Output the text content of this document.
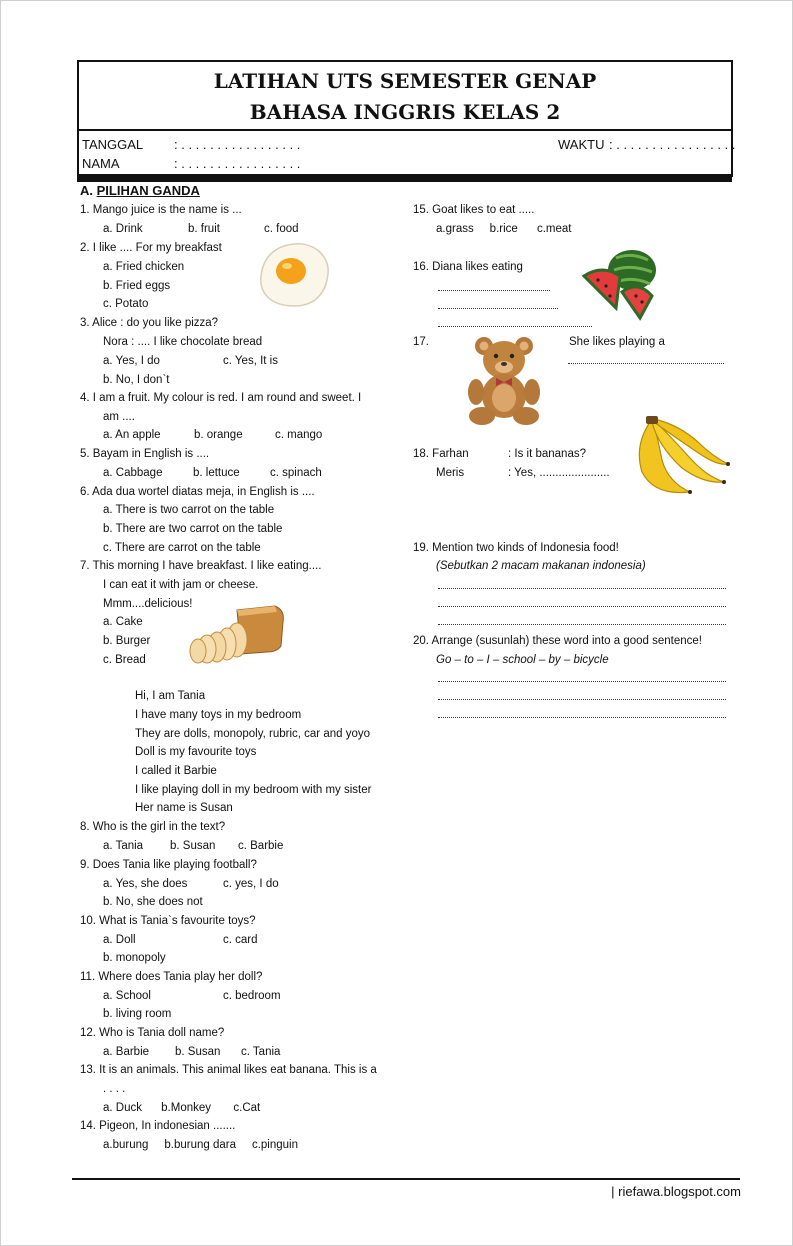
LATIHAN UTS SEMESTER GENAP
BAHASA INGGRIS KELAS 2
TANGGAL : . . . . . . . . . . . . . . . . .
NAMA	: . . . . . . . . . . . . . . . . .
WAKTU : . . . . . . . . . . . . . . . . .
A. PILIHAN GANDA
1. Mango juice is the name is ...
a. Drink	b. fruit	c. food
2. I like .... For my breakfast
a. Fried chicken
b. Fried eggs
c. Potato
3. Alice : do you like pizza?
Nora : .... I like chocolate bread
a. Yes, I do	c. Yes, It is
b. No, I don`t
4. I am a fruit. My colour is red. I am round and sweet. I
am ....
a. An apple	b. orange	c. mango
5. Bayam in English is ....
a. Cabbage	b. lettuce	c. spinach
6. Ada dua wortel diatas meja, in English is ....
a. There is two carrot on the table
b. There are two carrot on the table
c. There are carrot on the table
7. This morning I have breakfast. I like eating....
I can eat it with jam or cheese.
Mmm....delicious!
a. Cake
b. Burger
c. Bread
Hi, I am Tania
I have many toys in my bedroom
They are dolls, monopoly, rubric, car and yoyo
Doll is my favourite toys
I called it Barbie
I like playing doll in my bedroom with my sister
Her name is Susan
8. Who is the girl in the text?
a. Tania b. Susan c. Barbie
9. Does Tania like playing football?
a. Yes, she does	c. yes, I do
b. No, she does not
10. What is Tania`s favourite toys?
a. Doll	c. card
b. monopoly
11. Where does Tania play her doll?
a. School	c. bedroom
b. living room
12. Who is Tania doll name?
a. Barbie b. Susan c. Tania
13. It is an animals. This animal likes eat banana. This is a
. . . .
a. Duck      b.Monkey       c.Cat
14. Pigeon, In indonesian .......
a.burung     b.burung dara     c.pinguin
15. Goat likes to eat .....
a.grass     b.rice      c.meat
16. Diana likes eating
17.	She likes playing a
18. Farhan	: Is it bananas?
Meris	: Yes, ......................
19. Mention two kinds of Indonesia food!
(Sebutkan 2 macam makanan indonesia)
20. Arrange (susunlah) these word into a good sentence!
Go – to – I – school – by – bicycle
| riefawa.blogspot.com
